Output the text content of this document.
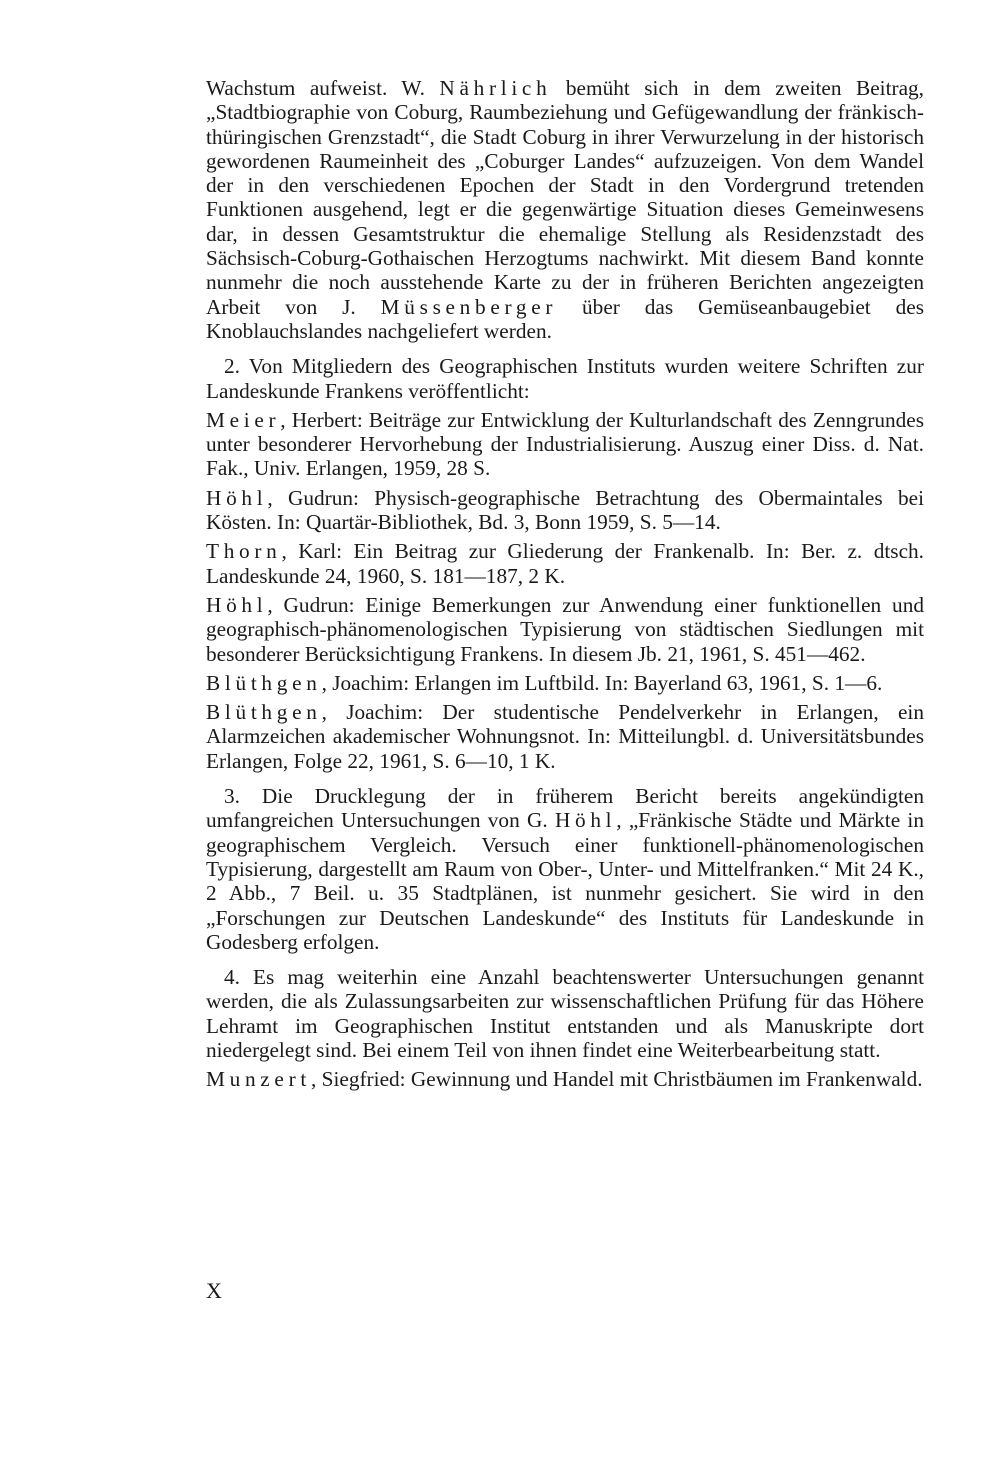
Wachstum aufweist. W. Nährlich bemüht sich in dem zweiten Beitrag, „Stadtbiographie von Coburg, Raumbeziehung und Gefügewandlung der fränkisch-thüringischen Grenzstadt“, die Stadt Coburg in ihrer Verwurzelung in der historisch gewordenen Raumeinheit des „Coburger Landes“ aufzuzeigen. Von dem Wandel der in den verschiedenen Epochen der Stadt in den Vordergrund tretenden Funktionen ausgehend, legt er die gegenwärtige Situation dieses Gemeinwesens dar, in dessen Gesamtstruktur die ehemalige Stellung als Residenzstadt des Sächsisch-Coburg-Gothaischen Herzogtums nachwirkt. Mit diesem Band konnte nunmehr die noch ausstehende Karte zu der in früheren Berichten angezeigten Arbeit von J. Müssenberger über das Gemüseanbaugebiet des Knoblauchslandes nachgeliefert werden.

2. Von Mitgliedern des Geographischen Instituts wurden weitere Schriften zur Landeskunde Frankens veröffentlicht:

Meier, Herbert: Beiträge zur Entwicklung der Kulturlandschaft des Zenngrundes unter besonderer Hervorhebung der Industrialisierung. Auszug einer Diss. d. Nat. Fak., Univ. Erlangen, 1959, 28 S.

Höhl, Gudrun: Physisch-geographische Betrachtung des Obermaintales bei Kösten. In: Quartär-Bibliothek, Bd. 3, Bonn 1959, S. 5—14.

Thorn, Karl: Ein Beitrag zur Gliederung der Frankenalb. In: Ber. z. dtsch. Landeskunde 24, 1960, S. 181—187, 2 K.

Höhl, Gudrun: Einige Bemerkungen zur Anwendung einer funktionellen und geographisch-phänomenologischen Typisierung von städtischen Siedlungen mit besonderer Berücksichtigung Frankens. In diesem Jb. 21, 1961, S. 451—462.

Blüthgen, Joachim: Erlangen im Luftbild. In: Bayerland 63, 1961, S. 1—6.

Blüthgen, Joachim: Der studentische Pendelverkehr in Erlangen, ein Alarmzeichen akademischer Wohnungsnot. In: Mitteilungbl. d. Universitätsbundes Erlangen, Folge 22, 1961, S. 6—10, 1 K.

3. Die Drucklegung der in früherem Bericht bereits angekündigten umfangreichen Untersuchungen von G. Höhl, „Fränkische Städte und Märkte in geographischem Vergleich. Versuch einer funktionell-phänomenologischen Typisierung, dargestellt am Raum von Ober-, Unter- und Mittelfranken.“ Mit 24 K., 2 Abb., 7 Beil. u. 35 Stadtplänen, ist nunmehr gesichert. Sie wird in den „Forschungen zur Deutschen Landeskunde“ des Instituts für Landeskunde in Godesberg erfolgen.

4. Es mag weiterhin eine Anzahl beachtenswerter Untersuchungen genannt werden, die als Zulassungsarbeiten zur wissenschaftlichen Prüfung für das Höhere Lehramt im Geographischen Institut entstanden und als Manuskripte dort niedergelegt sind. Bei einem Teil von ihnen findet eine Weiterbearbeitung statt.

Munzert, Siegfried: Gewinnung und Handel mit Christbäumen im Frankenwald.

X
